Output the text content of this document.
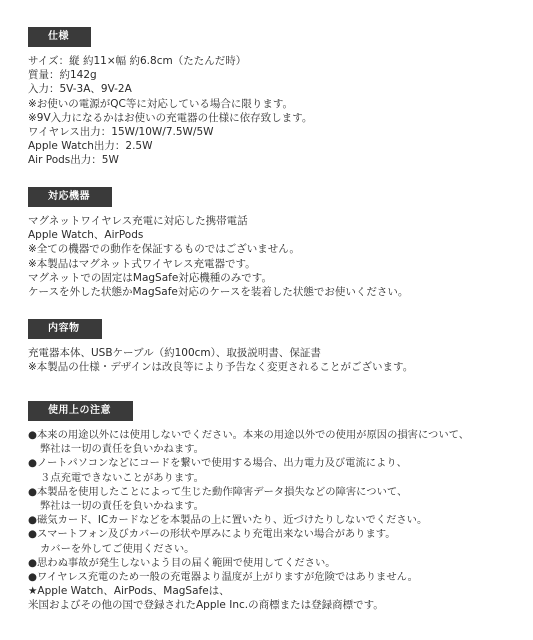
仕様
サイズ：縦 約11×幅 約6.8cm（たたんだ時）
質量：約142g
入力：5V-3A、9V-2A
※お使いの電源がQC等に対応している場合に限ります。
※9V入力になるかはお使いの充電器の仕様に依存致します。
ワイヤレス出力：15W/10W/7.5W/5W
Apple Watch出力：2.5W
Air Pods出力：5W
対応機器
マグネットワイヤレス充電に対応した携帯電話
Apple Watch、AirPods
※全ての機器での動作を保証するものではございません。
※本製品はマグネット式ワイヤレス充電器です。
マグネットでの固定はMagSafe対応機種のみです。
ケースを外した状態かMagSafe対応のケースを装着した状態でお使いください。
内容物
充電器本体、USBケーブル（約100cm）、取扱説明書、保証書
※本製品の仕様・デザインは改良等により予告なく変更されることがございます。
使用上の注意
●本来の用途以外には使用しないでください。本来の用途以外での使用が原因の損害について、
弊社は一切の責任を負いかねます。
●ノートパソコンなどにコードを繋いで使用する場合、出力電力及び電流により、
３点充電できないことがあります。
●本製品を使用したことによって生じた動作障害データ損失などの障害について、
弊社は一切の責任を負いかねます。
●磁気カード、ICカードなどを本製品の上に置いたり、近づけたりしないでください。
●スマートフォン及びカバーの形状や厚みにより充電出来ない場合があります。
カバーを外してご使用ください。
●思わぬ事故が発生しないよう目の届く範囲で使用してください。
●ワイヤレス充電のため一般の充電器より温度が上がりますが危険ではありません。
★Apple Watch、AirPods、MagSafeは、
米国およびその他の国で登録されたApple Inc.の商標または登録商標です。
